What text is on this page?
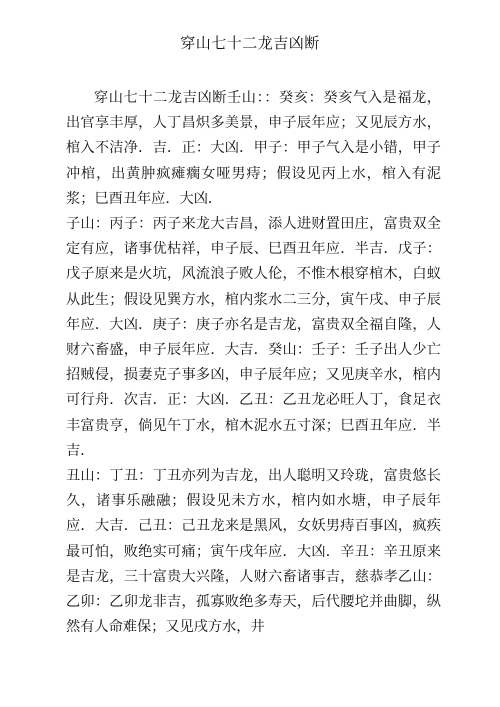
穿山七十二龙吉凶断

穿山七十二龙吉凶断壬山：：癸亥：癸亥气入是福龙，出官享丰厚，人丁昌炽多美景，申子辰年应；又见辰方水，棺入不洁净．吉．正：大凶．甲子：甲子气入是小错，甲子冲棺，出黄肿疯瘫瘸女哑男痔；假设见丙上水，棺入有泥浆；巳酉丑年应．大凶．

子山：丙子：丙子来龙大吉昌，添人进财置田庄，富贵双全定有应，诸事优枯祥，申子辰、巳酉丑年应．半吉．戊子：戊子原来是火坑，风流浪子败人伦，不惟木根穿棺木，白蚁从此生；假设见巽方水，棺内浆水二三分，寅午戌、申子辰年应．大凶．庚子：庚子亦名是吉龙，富贵双全福自隆，人财六畜盛，申子辰年应．大吉．癸山：壬子：壬子出人少亡招贼侵，损妻克子事多凶，申子辰年应；又见庚辛水，棺内可行舟．次吉．正：大凶．乙丑：乙丑龙必旺人丁，食足衣丰富贵亨，倘见午丁水，棺木泥水五寸深；巳酉丑年应．半吉．

丑山：丁丑：丁丑亦列为吉龙，出人聪明又玲珑，富贵悠长久，诸事乐融融；假设见未方水，棺内如水塘，申子辰年应．大吉．己丑：己丑龙来是黑风，女妖男痔百事凶，疯疾最可怕，败绝实可痛；寅午戌年应．大凶．辛丑：辛丑原来是吉龙，三十富贵大兴隆，人财六畜诸事吉，慈恭孝乙山：乙卯：乙卯龙非吉，孤寡败绝多寿天，后代腰坨并曲脚，纵然有人命难保；又见戌方水，井
